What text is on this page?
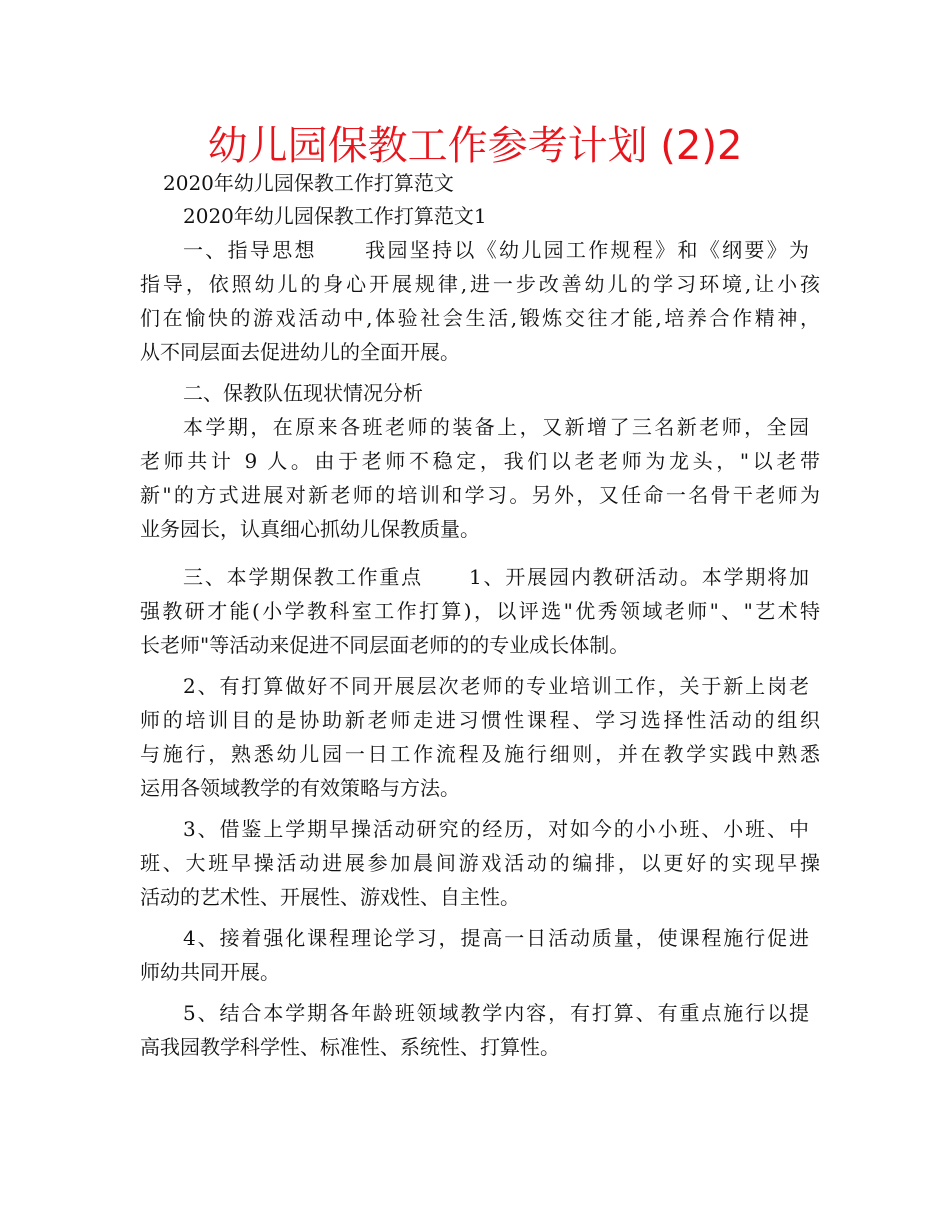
幼儿园保教工作参考计划 (2)2

2020年幼儿园保教工作打算范文

2020年幼儿园保教工作打算范文1

一、指导思想 我园坚持以《幼儿园工作规程》和《纲要》为

指导，依照幼儿的身心开展规律,进一步改善幼儿的学习环境,让小孩

们在愉快的游戏活动中,体验社会生活,锻炼交往才能,培养合作精神，

从不同层面去促进幼儿的全面开展。

二、保教队伍现状情况分析

本学期，在原来各班老师的装备上，又新增了三名新老师，全园

老师共计 9 人。由于老师不稳定，我们以老老师为龙头，"以老带

新"的方式进展对新老师的培训和学习。另外，又任命一名骨干老师为

业务园长，认真细心抓幼儿保教质量。

三、本学期保教工作重点 1、开展园内教研活动。本学期将加

强教研才能(小学教科室工作打算)，以评选"优秀领域老师"、"艺术特

长老师"等活动来促进不同层面老师的的专业成长体制。

2、有打算做好不同开展层次老师的专业培训工作，关于新上岗老

师的培训目的是协助新老师走进习惯性课程、学习选择性活动的组织

与施行，熟悉幼儿园一日工作流程及施行细则，并在教学实践中熟悉

运用各领域教学的有效策略与方法。

3、借鉴上学期早操活动研究的经历，对如今的小小班、小班、中

班、大班早操活动进展参加晨间游戏活动的编排，以更好的实现早操

活动的艺术性、开展性、游戏性、自主性。

4、接着强化课程理论学习，提高一日活动质量，使课程施行促进

师幼共同开展。

5、结合本学期各年龄班领域教学内容，有打算、有重点施行以提

高我园教学科学性、标准性、系统性、打算性。
